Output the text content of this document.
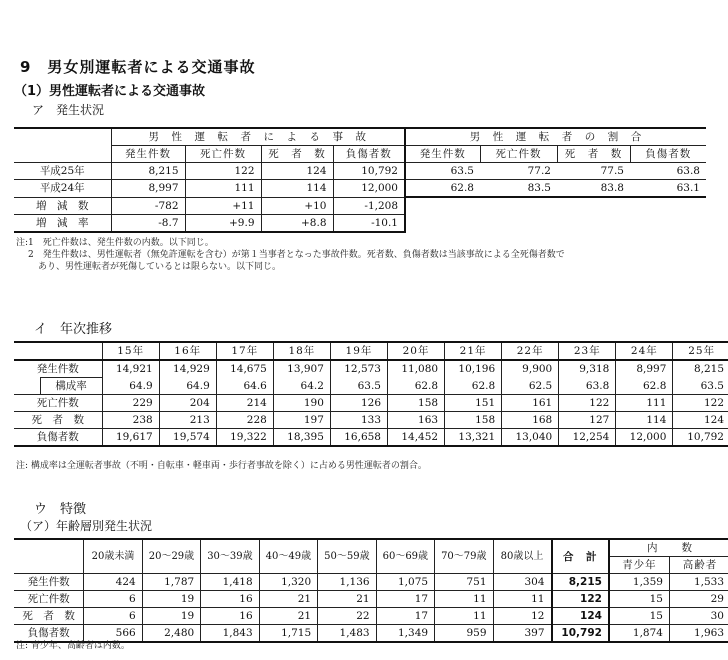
9　男女別運転者による交通事故
（1）男性運転者による交通事故
ア　発生状況
	男　性　運　転　者　に　よ　る　事　故				男　性　運　転　者　の　割　合			
	発生件数	死亡件数	死　者　数	負傷者数	発生件数	死亡件数	死　者　数	負傷者数
平成25年	8,215	122	124	10,792	63.5	77.2	77.5	63.8
平成24年	8,997	111	114	12,000	62.8	83.5	83.8	63.1
増　減　数	-782	+11	+10	-1,208				
増　減　率	-8.7	+9.9	+8.8	-10.1				
注:1　死亡件数は、発生件数の内数。以下同じ。
2　発生件数は、男性運転者（無免許運転を含む）が第１当事者となった事故件数。死者数、負傷者数は当該事故による全死傷者数で
あり、男性運転者が死傷しているとは限らない。以下同じ。
イ　年次推移
		15年	16年	17年	18年	19年	20年	21年	22年	23年	24年	25年
発生件数		14,921	14,929	14,675	13,907	12,573	11,080	10,196	9,900	9,318	8,997	8,215
	構成率	64.9	64.9	64.6	64.2	63.5	62.8	62.8	62.5	63.8	62.8	63.5
死亡件数		229	204	214	190	126	158	151	161	122	111	122
死　者　数		238	213	228	197	133	163	158	168	127	114	124
負傷者数		19,617	19,574	19,322	18,395	16,658	14,452	13,321	13,040	12,254	12,000	10,792
注: 構成率は全運転者事故（不明・自転車・軽車両・歩行者事故を除く）に占める男性運転者の割合。
ウ　特徴
（ア）年齢層別発生状況
	20歳未満	20～29歳	30～39歳	40～49歳	50～59歳	60～69歳	70～79歳	80歳以上	合　計	内　　数	
										青少年	高齢者
発生件数	424	1,787	1,418	1,320	1,136	1,075	751	304	8,215	1,359	1,533
死亡件数	6	19	16	21	21	17	11	11	122	15	29
死　者　数	6	19	16	21	22	17	11	12	124	15	30
負傷者数	566	2,480	1,843	1,715	1,483	1,349	959	397	10,792	1,874	1,963
注: 青少年、高齢者は内数。
